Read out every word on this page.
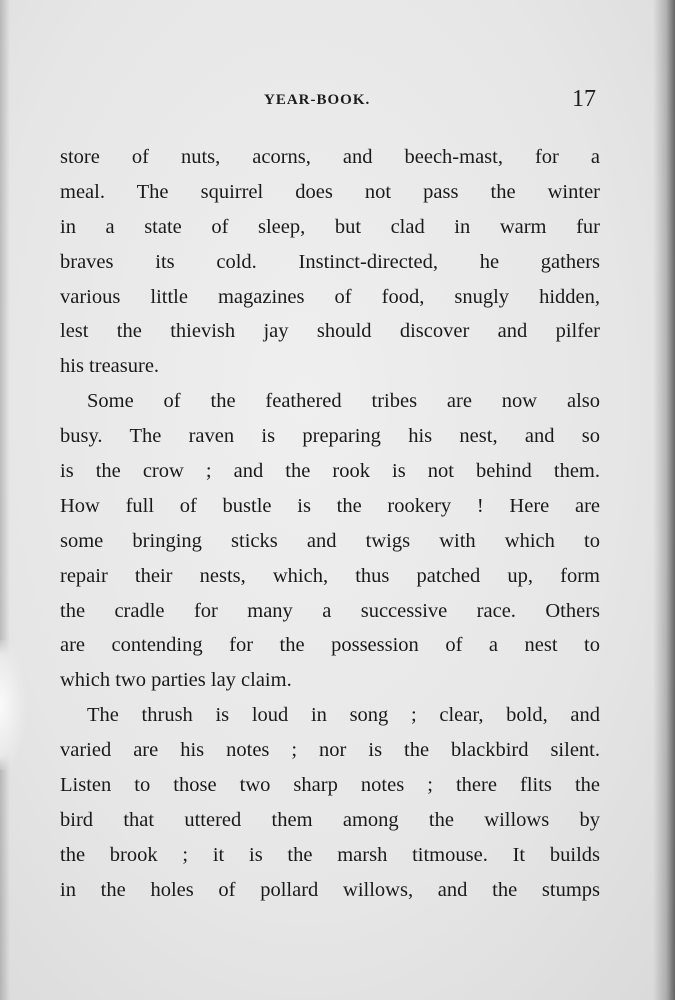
YEAR-BOOK.	17
store of nuts, acorns, and beech-mast, for a
meal. The squirrel does not pass the winter
in a state of sleep, but clad in warm fur
braves its cold. Instinct-directed, he gathers
various little magazines of food, snugly hidden,
lest the thievish jay should discover and pilfer
his treasure.
Some of the feathered tribes are now also
busy. The raven is preparing his nest, and so
is the crow ; and the rook is not behind them.
How full of bustle is the rookery ! Here are
some bringing sticks and twigs with which to
repair their nests, which, thus patched up, form
the cradle for many a successive race. Others
are contending for the possession of a nest to
which two parties lay claim.
The thrush is loud in song ; clear, bold, and
varied are his notes ; nor is the blackbird silent.
Listen to those two sharp notes ; there flits the
bird that uttered them among the willows by
the brook ; it is the marsh titmouse. It builds
in the holes of pollard willows, and the stumps
